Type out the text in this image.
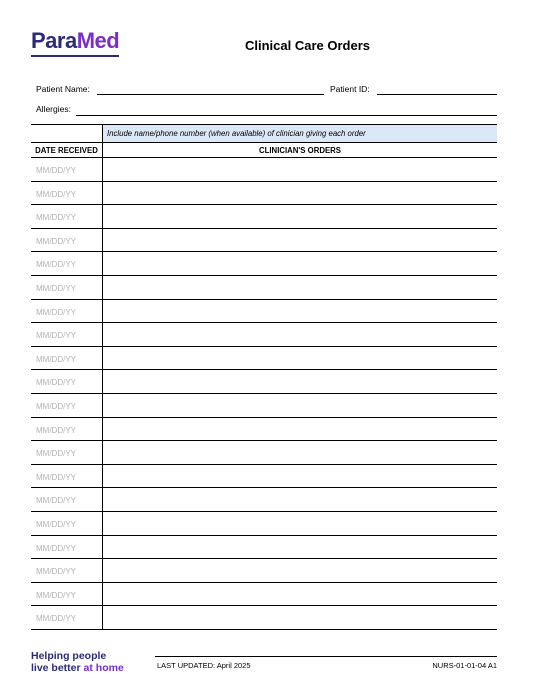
ParaMed	Clinical Care Orders
Patient Name:	Patient ID:
Allergies:
Include name/phone number (when available) of clinician giving each order
DATE RECEIVED	CLINICIAN'S ORDERS
MM/DD/YY
MM/DD/YY
MM/DD/YY
MM/DD/YY
MM/DD/YY
MM/DD/YY
MM/DD/YY
MM/DD/YY
MM/DD/YY
MM/DD/YY
MM/DD/YY
MM/DD/YY
MM/DD/YY
MM/DD/YY
MM/DD/YY
MM/DD/YY
MM/DD/YY
MM/DD/YY
MM/DD/YY
MM/DD/YY
Helping people
live better at home	LAST UPDATED: April 2025	NURS-01-01-04 A1
